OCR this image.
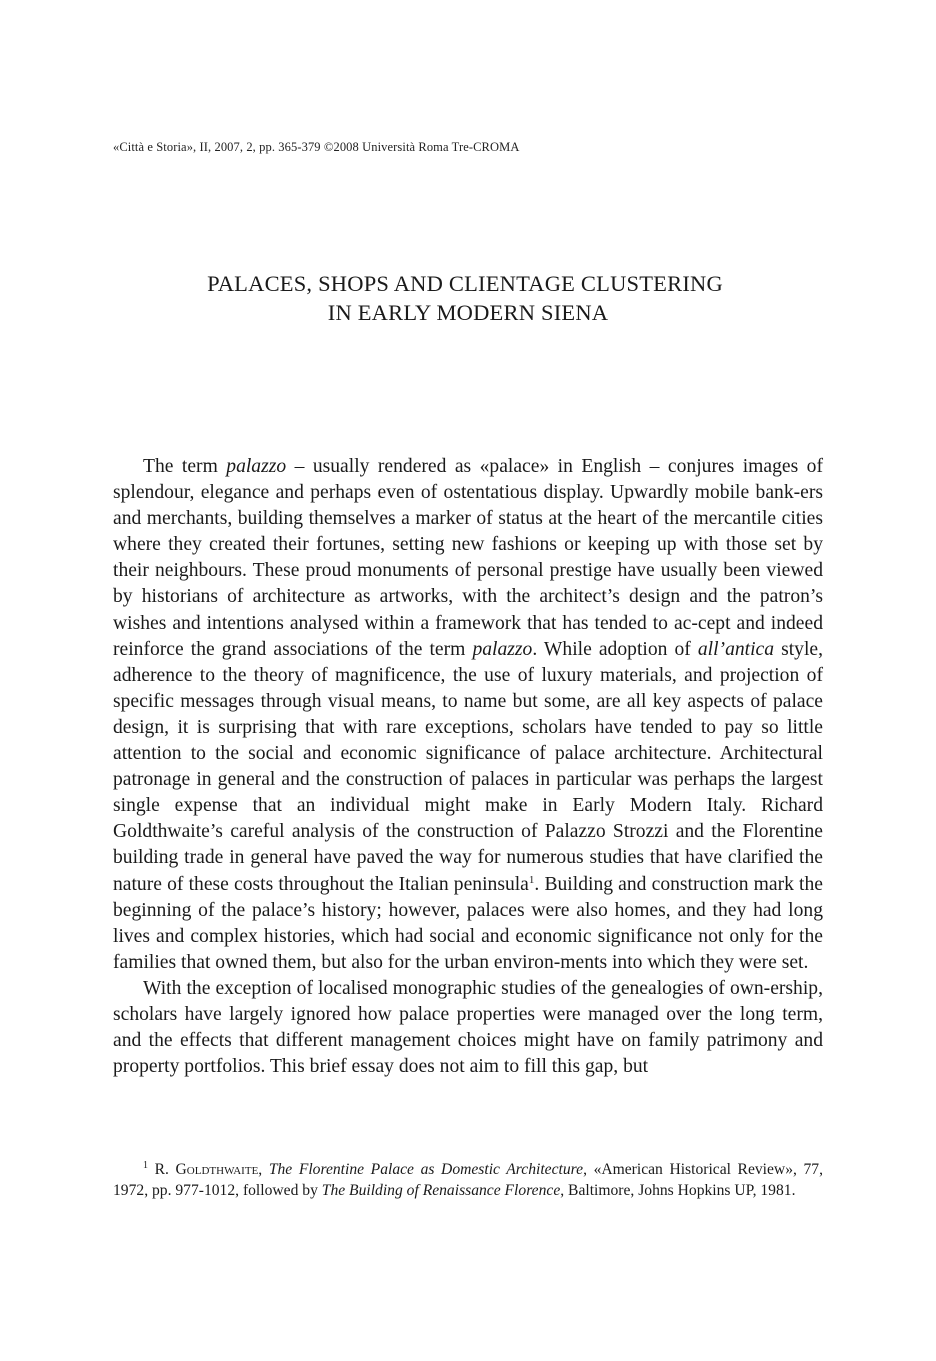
«Città e Storia», II, 2007, 2, pp. 365-379 ©2008 Università Roma Tre-CROMA
PALACES, SHOPS AND CLIENTAGE CLUSTERING
IN EARLY MODERN SIENA

The term palazzo – usually rendered as «palace» in English – conjures images of splendour, elegance and perhaps even of ostentatious display. Upwardly mobile bank-ers and merchants, building themselves a marker of status at the heart of the mercantile cities where they created their fortunes, setting new fashions or keeping up with those set by their neighbours. These proud monuments of personal prestige have usually been viewed by historians of architecture as artworks, with the architect’s design and the patron’s wishes and intentions analysed within a framework that has tended to ac-cept and indeed reinforce the grand associations of the term palazzo. While adoption of all’antica style, adherence to the theory of magnificence, the use of luxury materials, and projection of specific messages through visual means, to name but some, are all key aspects of palace design, it is surprising that with rare exceptions, scholars have tended to pay so little attention to the social and economic significance of palace architecture. Architectural patronage in general and the construction of palaces in particular was perhaps the largest single expense that an individual might make in Early Modern Italy. Richard Goldthwaite’s careful analysis of the construction of Palazzo Strozzi and the Florentine building trade in general have paved the way for numerous studies that have clarified the nature of these costs throughout the Italian peninsula$^1$. Building and construction mark the beginning of the palace’s history; however, palaces were also homes, and they had long lives and complex histories, which had social and economic significance not only for the families that owned them, but also for the urban environ-ments into which they were set.

With the exception of localised monographic studies of the genealogies of own-ership, scholars have largely ignored how palace properties were managed over the long term, and the effects that different management choices might have on family patrimony and property portfolios. This brief essay does not aim to fill this gap, but

$^1$ R. Goldthwaite, The Florentine Palace as Domestic Architecture, «American Historical Review», 77, 1972, pp. 977-1012, followed by The Building of Renaissance Florence, Baltimore, Johns Hopkins UP, 1981.
